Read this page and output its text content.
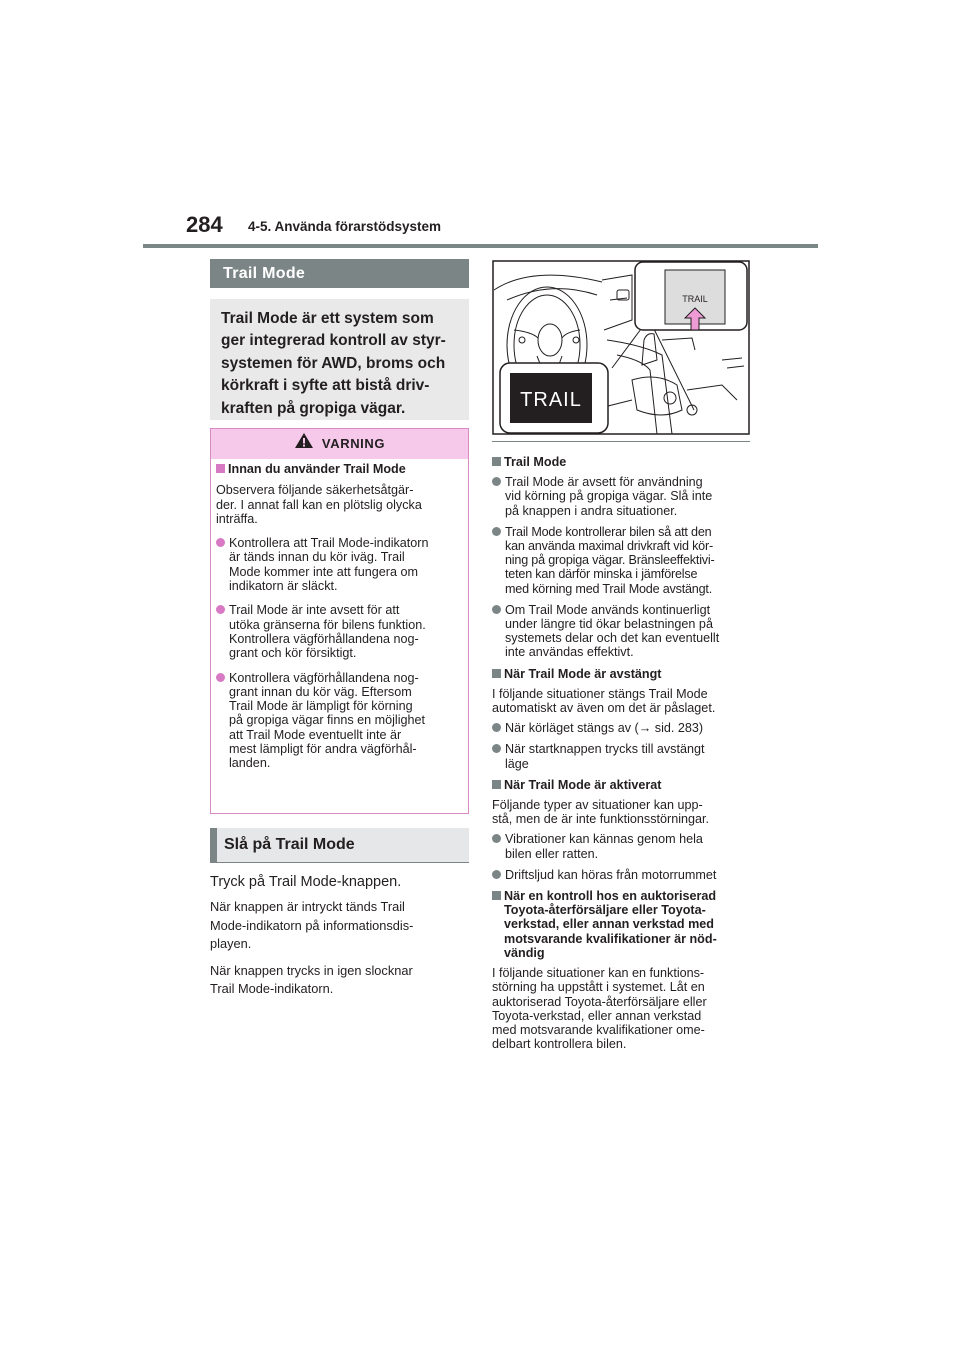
284 4-5. Använda förarstödsystem
Trail Mode
Trail Mode är ett system som
ger integrerad kontroll av styr-
systemen för AWD, broms och
körkraft i syfte att bistå driv-
kraften på gropiga vägar.
VARNING
Innan du använder Trail Mode
Observera följande säkerhetsåtgär-
der. I annat fall kan en plötslig olycka
inträffa.
Kontrollera att Trail Mode-indikatorn
är tänds innan du kör iväg. Trail
Mode kommer inte att fungera om
indikatorn är släckt.
Trail Mode är inte avsett för att
utöka gränserna för bilens funktion.
Kontrollera vägförhållandena nog-
grant och kör försiktigt.
Kontrollera vägförhållandena nog-
grant innan du kör väg. Eftersom
Trail Mode är lämpligt för körning
på gropiga vägar finns en möjlighet
att Trail Mode eventuellt inte är
mest lämpligt för andra vägförhål-
landen.
Slå på Trail Mode
Tryck på Trail Mode-knappen.

När knappen är intryckt tänds Trail
Mode-indikatorn på informationsdis-
playen.

När knappen trycks in igen slocknar
Trail Mode-indikatorn.

TRAIL
TRAIL
Trail Mode
Trail Mode är avsett för användning
vid körning på gropiga vägar. Slå inte
på knappen i andra situationer.
Trail Mode kontrollerar bilen så att den
kan använda maximal drivkraft vid kör-
ning på gropiga vägar. Bränsleeffektivi-
teten kan därför minska i jämförelse
med körning med Trail Mode avstängt.
Om Trail Mode används kontinuerligt
under längre tid ökar belastningen på
systemets delar och det kan eventuellt
inte användas effektivt.
När Trail Mode är avstängt
I följande situationer stängs Trail Mode
automatiskt av även om det är påslaget.
När körläget stängs av (→ sid. 283)
När startknappen trycks till avstängt
läge
När Trail Mode är aktiverat
Följande typer av situationer kan upp-
stå, men de är inte funktionsstörningar.
Vibrationer kan kännas genom hela
bilen eller ratten.
Driftsljud kan höras från motorrummet
När en kontroll hos en auktoriserad
Toyota-återförsäljare eller Toyota-
verkstad, eller annan verkstad med
motsvarande kvalifikationer är nöd-
vändig
I följande situationer kan en funktions-
störning ha uppstått i systemet. Låt en
auktoriserad Toyota-återförsäljare eller
Toyota-verkstad, eller annan verkstad
med motsvarande kvalifikationer ome-
delbart kontrollera bilen.
